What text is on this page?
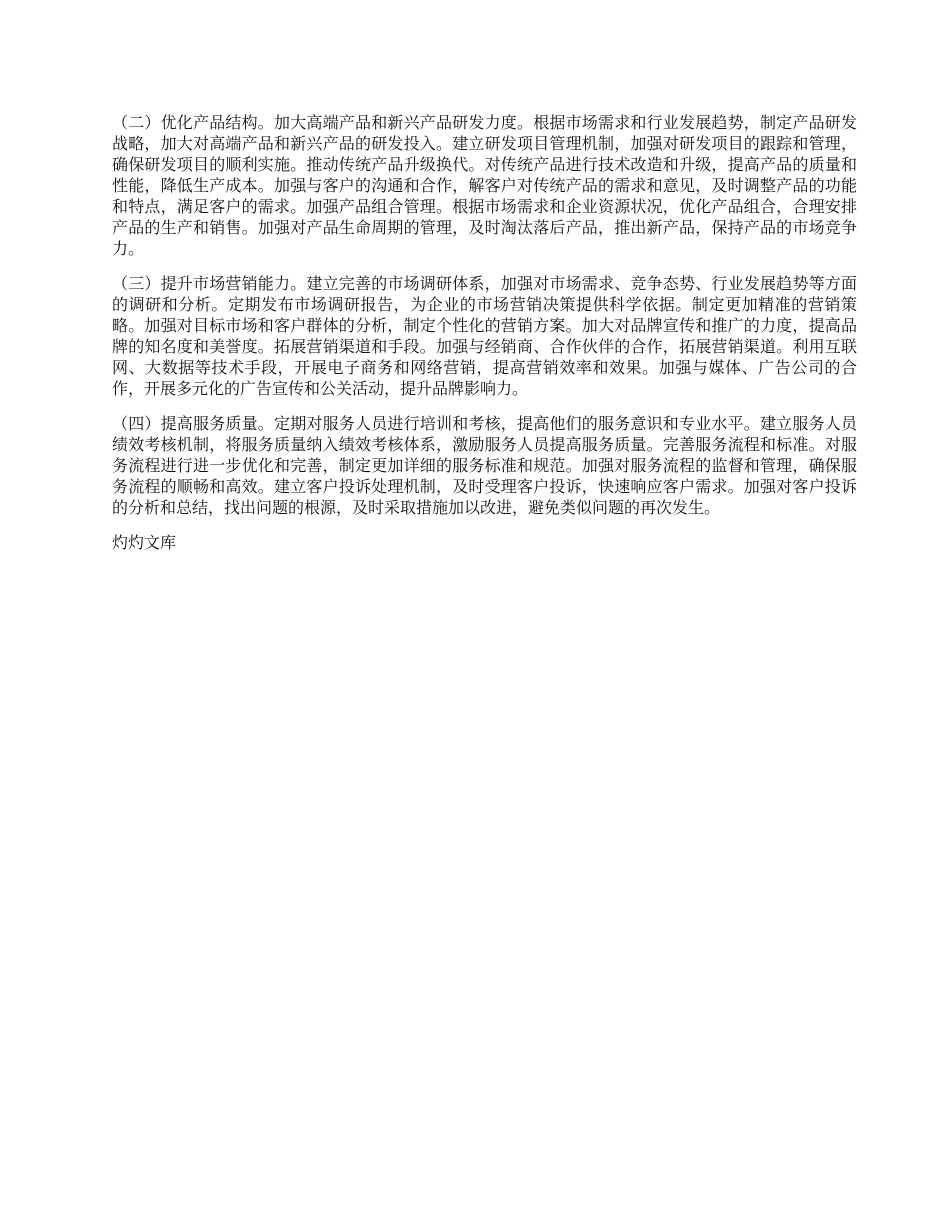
（二）优化产品结构。加大高端产品和新兴产品研发力度。根据市场需求和行业发展趋势，制定产品研发战略，加大对高端产品和新兴产品的研发投入。建立研发项目管理机制，加强对研发项目的跟踪和管理，确保研发项目的顺利实施。推动传统产品升级换代。对传统产品进行技术改造和升级，提高产品的质量和性能，降低生产成本。加强与客户的沟通和合作，解客户对传统产品的需求和意见，及时调整产品的功能和特点，满足客户的需求。加强产品组合管理。根据市场需求和企业资源状况，优化产品组合，合理安排产品的生产和销售。加强对产品生命周期的管理，及时淘汰落后产品，推出新产品，保持产品的市场竞争力。

（三）提升市场营销能力。建立完善的市场调研体系，加强对市场需求、竞争态势、行业发展趋势等方面的调研和分析。定期发布市场调研报告，为企业的市场营销决策提供科学依据。制定更加精准的营销策略。加强对目标市场和客户群体的分析，制定个性化的营销方案。加大对品牌宣传和推广的力度，提高品牌的知名度和美誉度。拓展营销渠道和手段。加强与经销商、合作伙伴的合作，拓展营销渠道。利用互联网、大数据等技术手段，开展电子商务和网络营销，提高营销效率和效果。加强与媒体、广告公司的合作，开展多元化的广告宣传和公关活动，提升品牌影响力。

（四）提高服务质量。定期对服务人员进行培训和考核，提高他们的服务意识和专业水平。建立服务人员绩效考核机制，将服务质量纳入绩效考核体系，激励服务人员提高服务质量。完善服务流程和标准。对服务流程进行进一步优化和完善，制定更加详细的服务标准和规范。加强对服务流程的监督和管理，确保服务流程的顺畅和高效。建立客户投诉处理机制，及时受理客户投诉，快速响应客户需求。加强对客户投诉的分析和总结，找出问题的根源，及时采取措施加以改进，避免类似问题的再次发生。

灼灼文库
